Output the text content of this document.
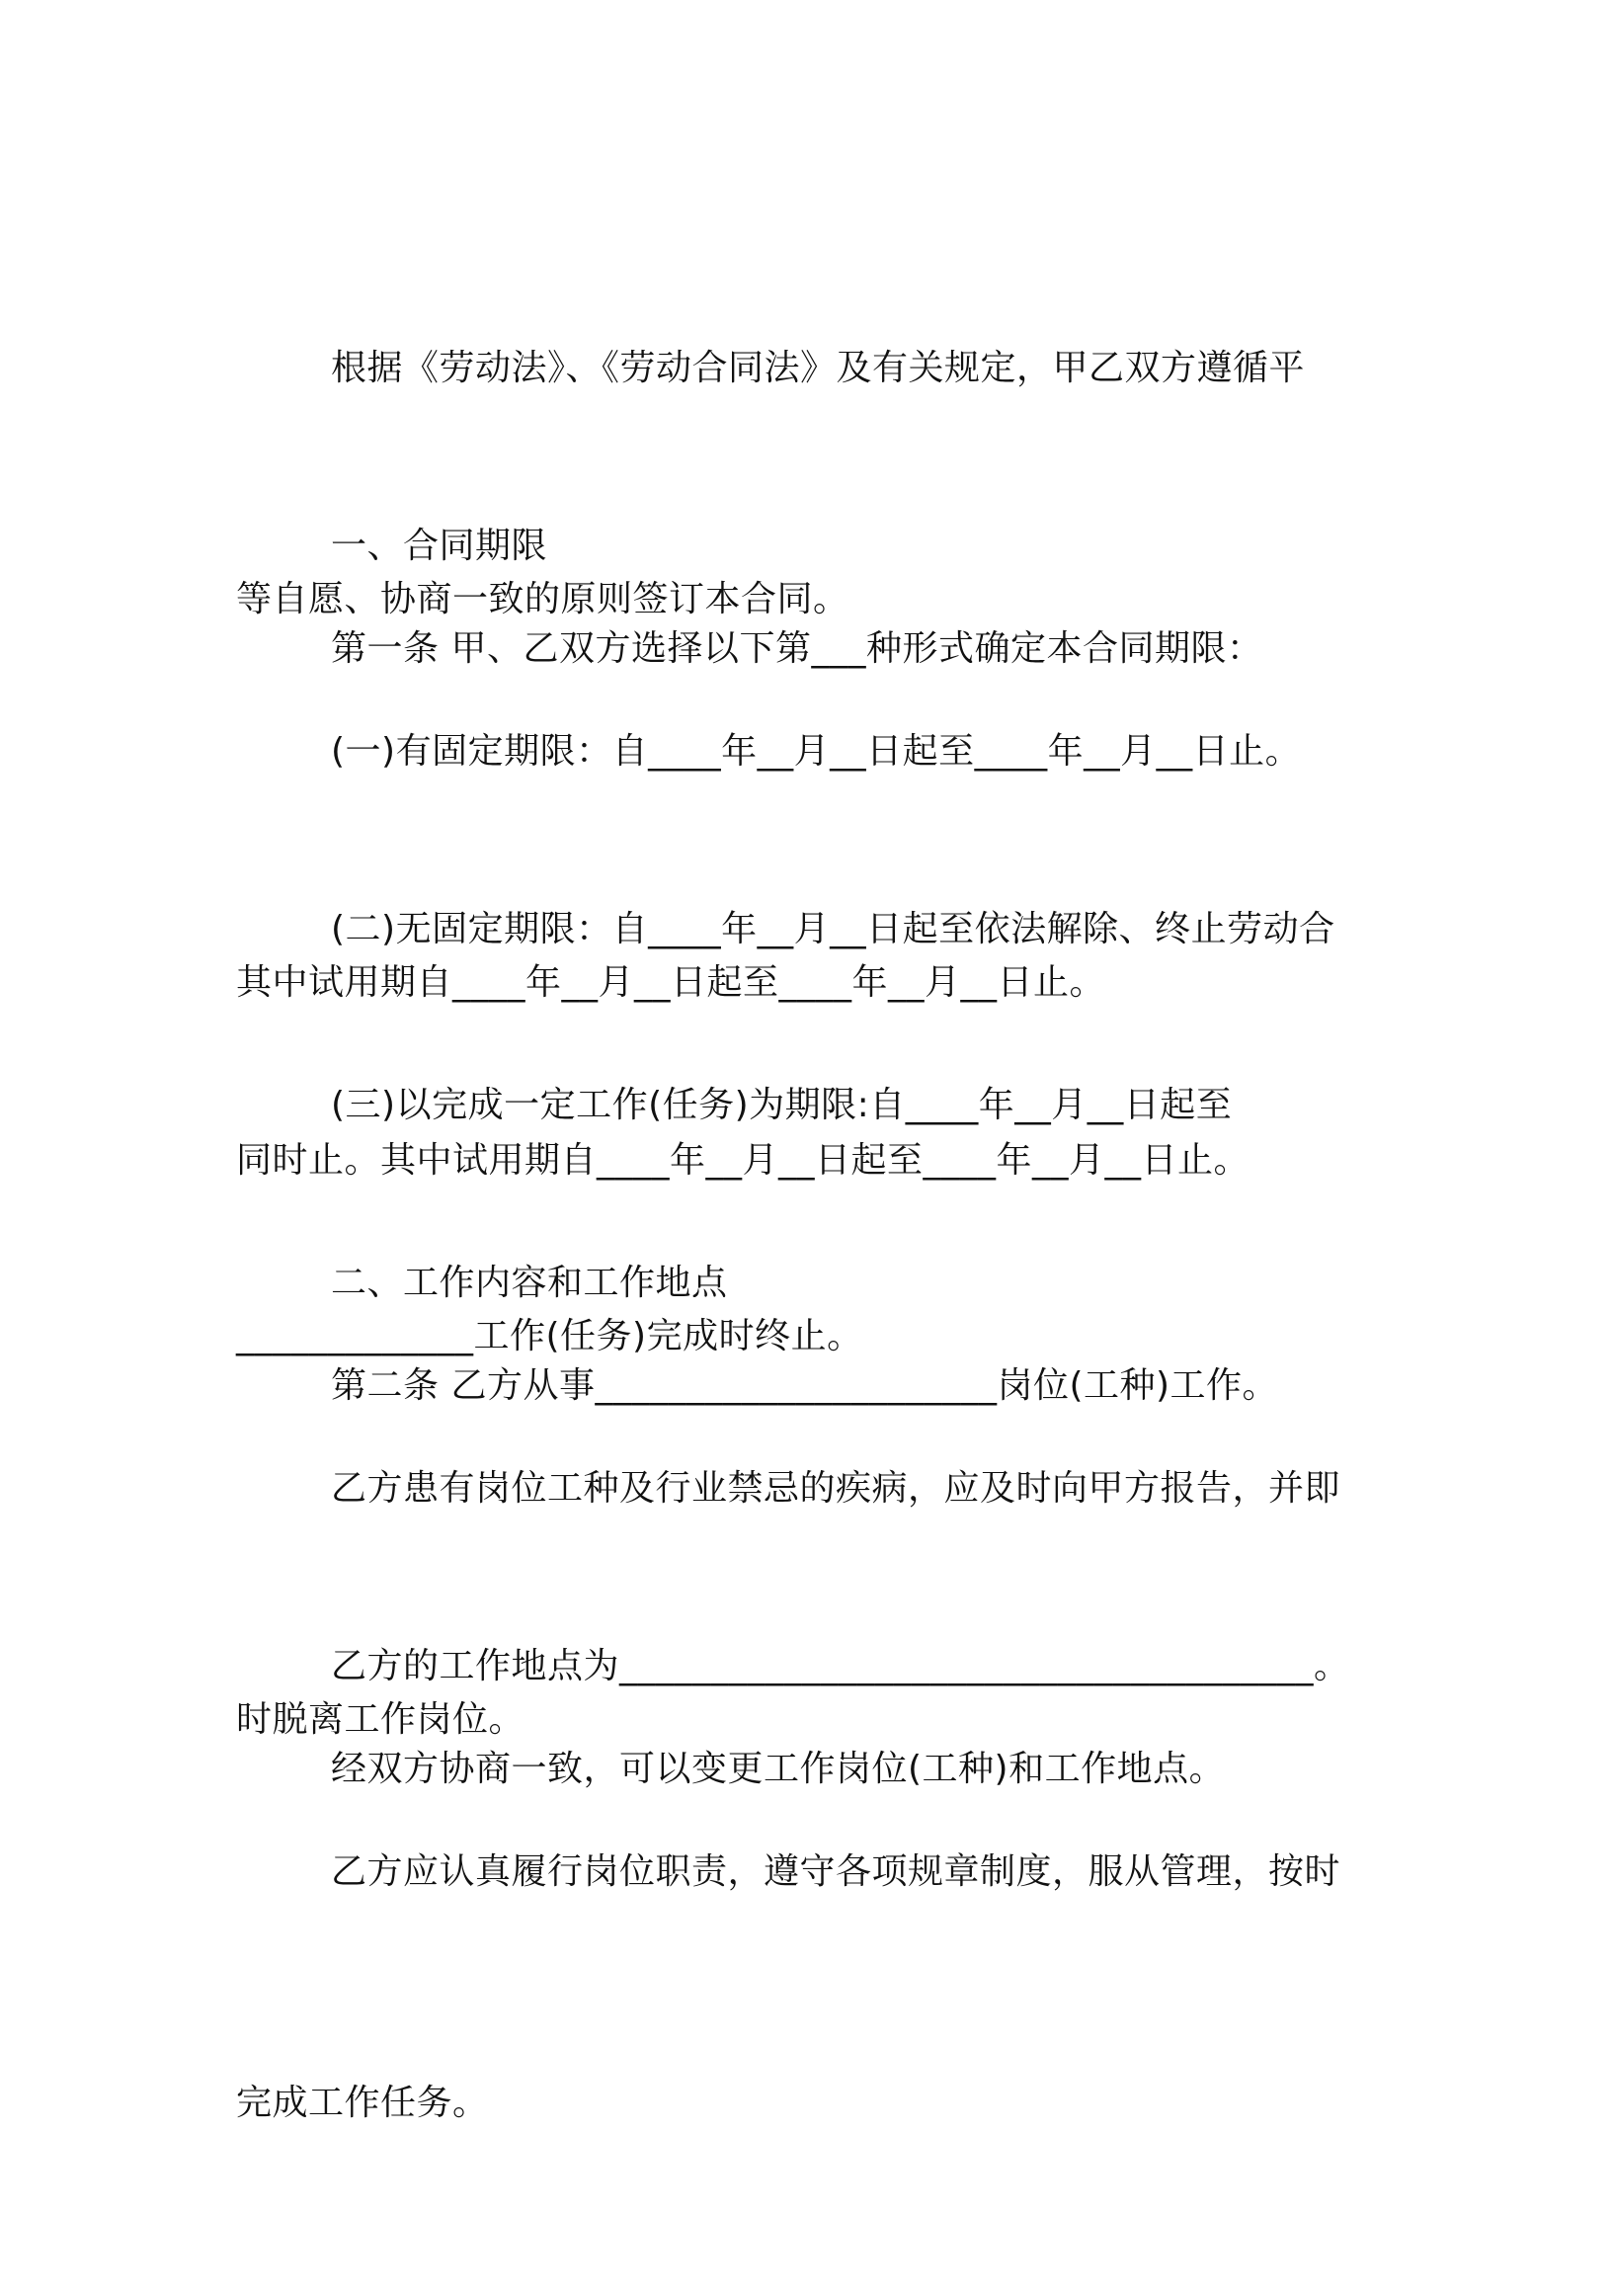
根据《劳动法》、《劳动合同法》及有关规定，甲乙双方遵循平

等自愿、协商一致的原则签订本合同。

一、合同期限

第一条 甲、乙双方选择以下第___种形式确定本合同期限：

(一)有固定期限：自____年__月__日起至____年__月__日止。

其中试用期自____年__月__日起至____年__月__日止。

(二)无固定期限：自____年__月__日起至依法解除、终止劳动合

同时止。其中试用期自____年__月__日起至____年__月__日止。

(三)以完成一定工作(任务)为期限:自____年__月__日起至

_____________工作(任务)完成时终止。

二、工作内容和工作地点

第二条 乙方从事______________________岗位(工种)工作。

乙方患有岗位工种及行业禁忌的疾病，应及时向甲方报告，并即

时脱离工作岗位。

乙方的工作地点为______________________________________。

经双方协商一致，可以变更工作岗位(工种)和工作地点。

乙方应认真履行岗位职责，遵守各项规章制度，服从管理，按时

完成工作任务。
